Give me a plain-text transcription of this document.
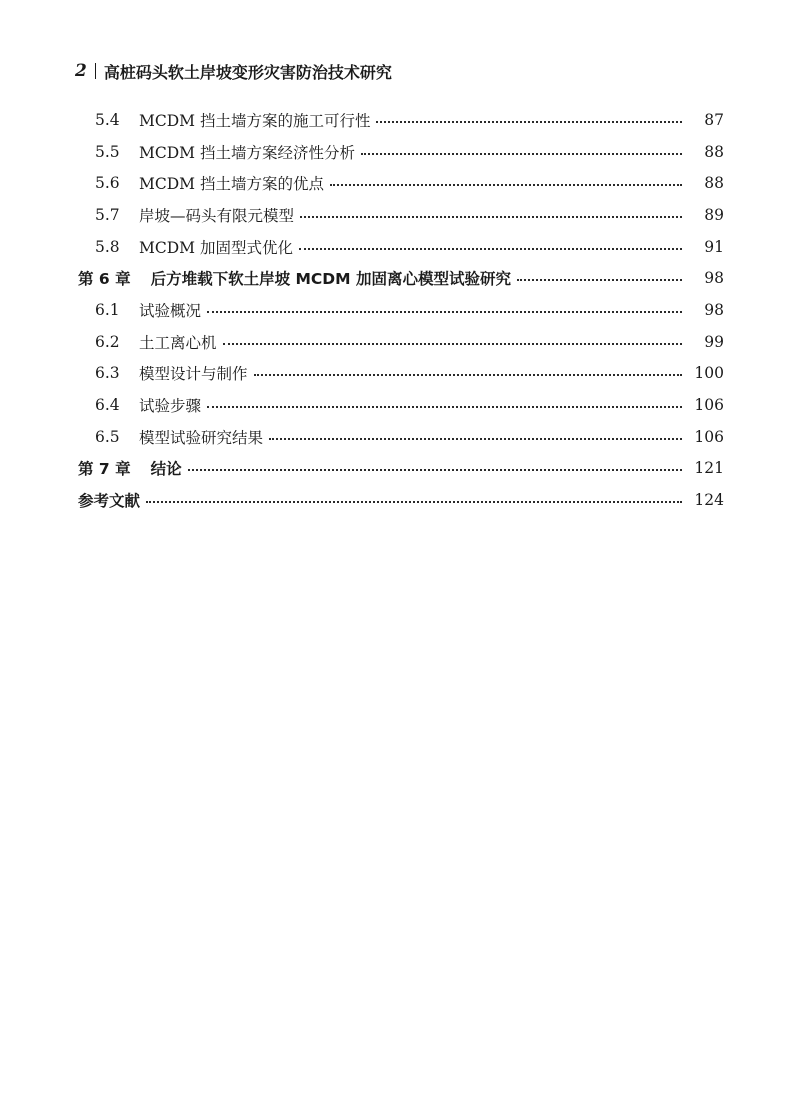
2 高桩码头软土岸坡变形灾害防治技术研究
5.4	MCDM 挡土墙方案的施工可行性	87
5.5	MCDM 挡土墙方案经济性分析	88
5.6	MCDM 挡土墙方案的优点	88
5.7	岸坡—码头有限元模型	89
5.8	MCDM 加固型式优化	91
第 6 章 后方堆载下软土岸坡 MCDM 加固离心模型试验研究	98
6.1	试验概况	98
6.2	土工离心机	99
6.3	模型设计与制作	100
6.4	试验步骤	106
6.5	模型试验研究结果	106
第 7 章 结论	121
参考文献	124
